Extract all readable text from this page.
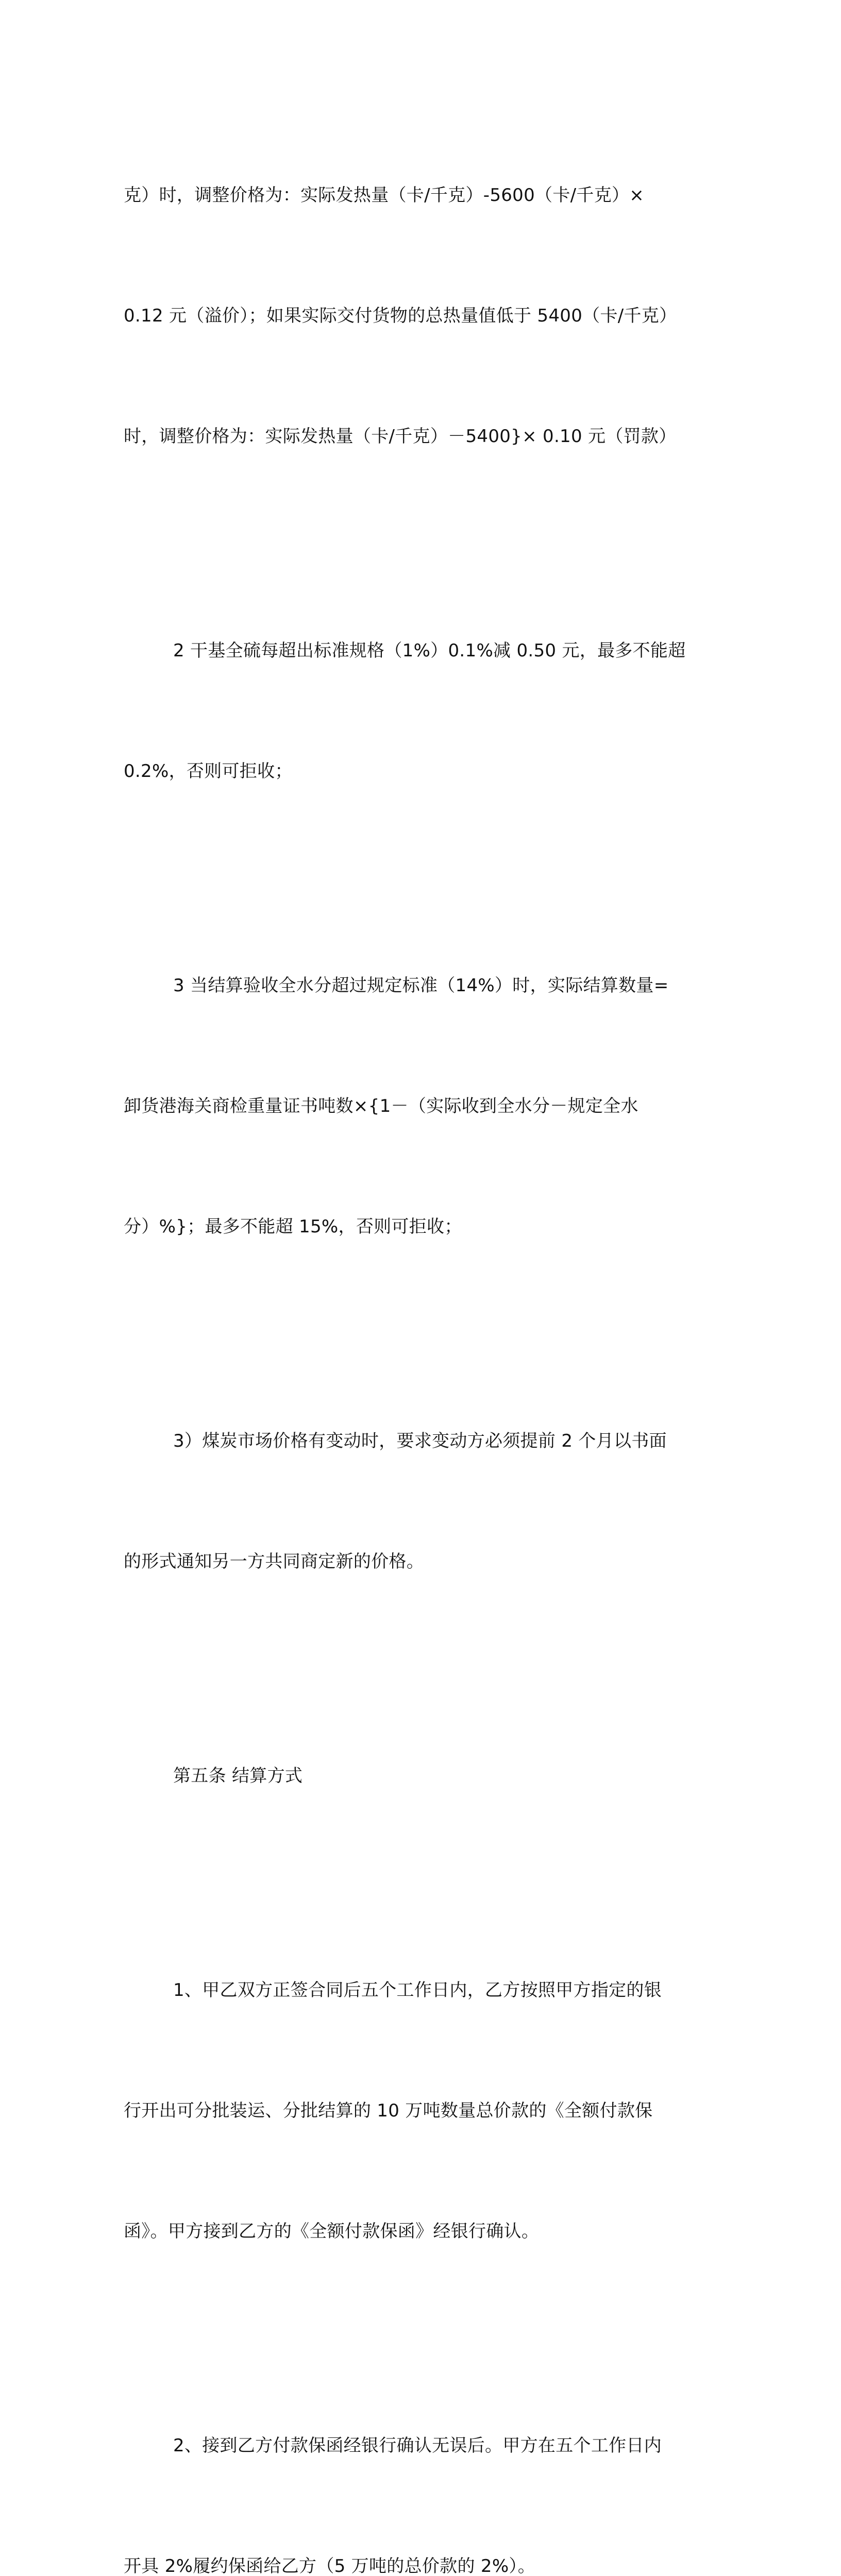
克）时，调整价格为：实际发热量（卡/千克）-5600（卡/千克）×

0.12 元（溢价）；如果实际交付货物的总热量值低于 5400（卡/千克）

时，调整价格为：实际发热量（卡/千克）－5400}× 0.10 元（罚款）

2 干基全硫每超出标准规格（1%）0.1%减 0.50 元，最多不能超

0.2%，否则可拒收；

3 当结算验收全水分超过规定标准（14%）时，实际结算数量=

卸货港海关商检重量证书吨数×{1－（实际收到全水分－规定全水

分）%}；最多不能超 15%，否则可拒收；

3）煤炭市场价格有变动时，要求变动方必须提前 2 个月以书面

的形式通知另一方共同商定新的价格。

第五条 结算方式

1、甲乙双方正签合同后五个工作日内，乙方按照甲方指定的银

行开出可分批装运、分批结算的 10 万吨数量总价款的《全额付款保

函》。甲方接到乙方的《全额付款保函》经银行确认。

2、接到乙方付款保函经银行确认无误后。甲方在五个工作日内

开具 2%履约保函给乙方（5 万吨的总价款的 2%）。
